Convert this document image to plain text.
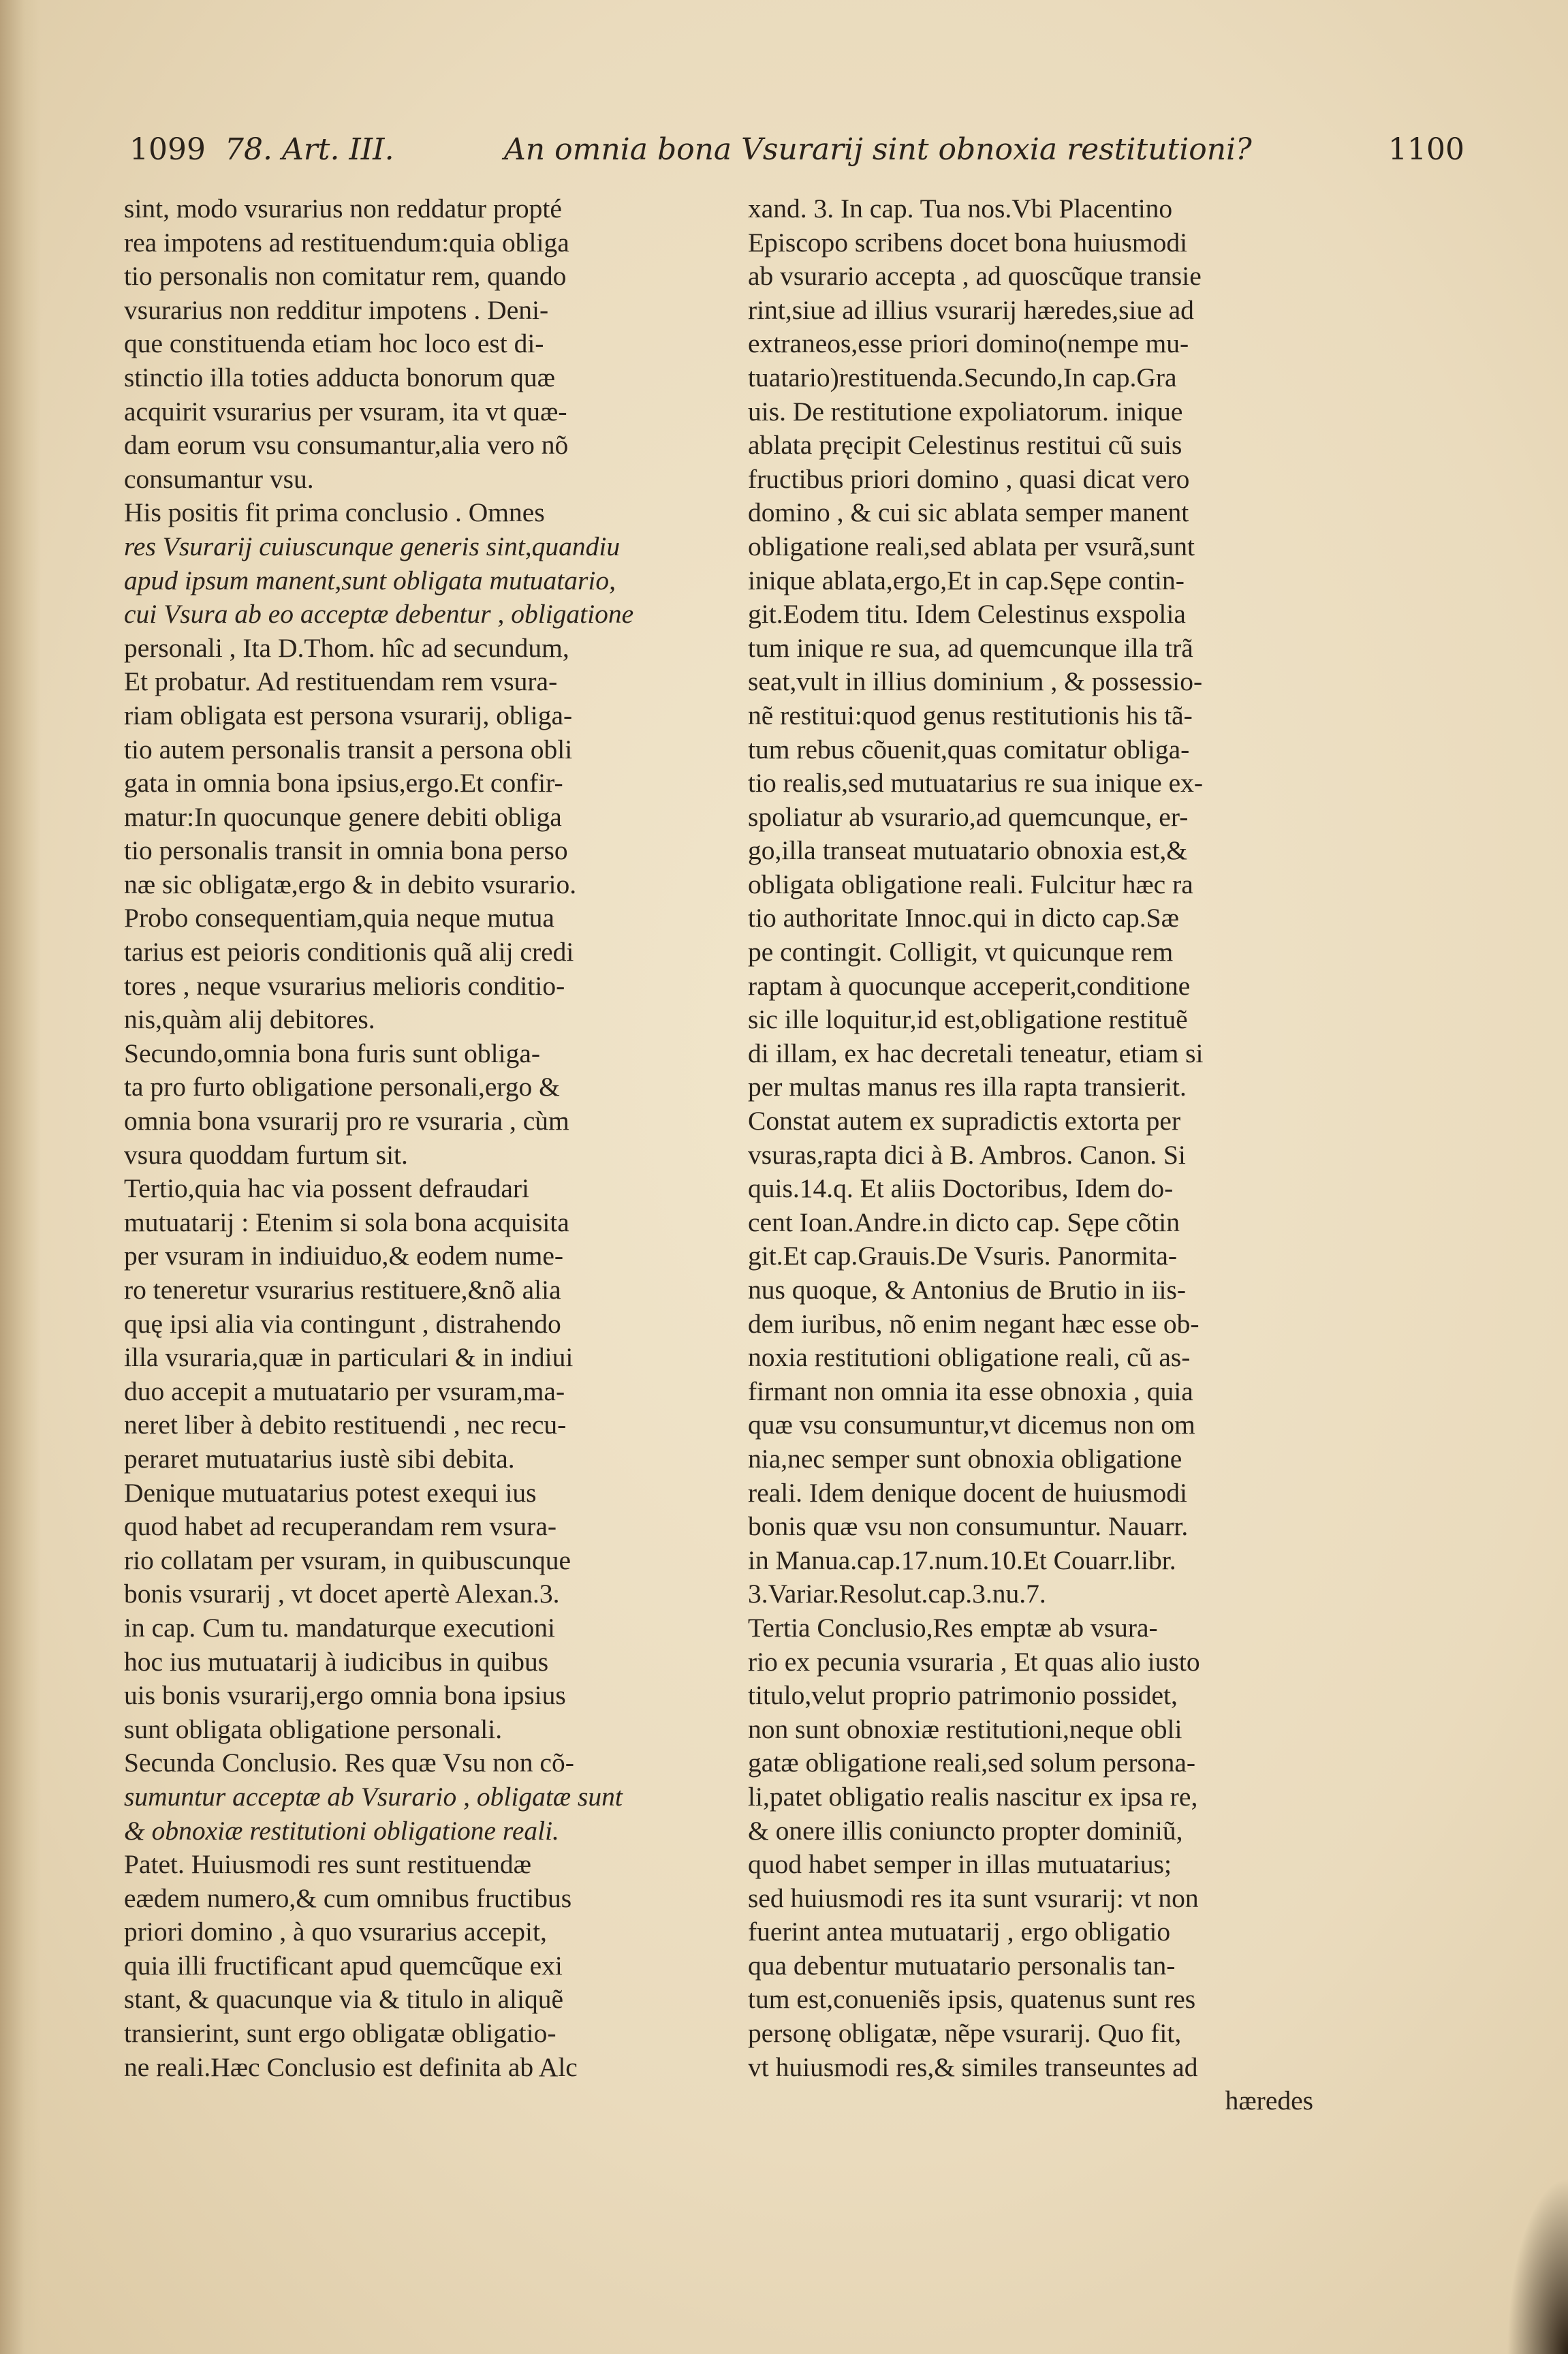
1099 78. Art. III.	An omnia bona Vsurarij sint obnoxia restitutioni?	1100
sint, modo vsurarius non reddatur propté
rea impotens ad restituendum:quia obliga
tio personalis non comitatur rem, quando
vsurarius non redditur impotens . Deni-
que constituenda etiam hoc loco est di-
stinctio illa toties adducta bonorum quæ
acquirit vsurarius per vsuram, ita vt quæ-
dam eorum vsu consumantur,alia vero nõ
consumantur vsu.
His positis fit prima conclusio . Omnes
res Vsurarij cuiuscunque generis sint,quandiu
apud ipsum manent,sunt obligata mutuatario,
cui Vsura ab eo acceptæ debentur , obligatione
personali , Ita D.Thom. hîc ad secundum,
Et probatur. Ad restituendam rem vsura-
riam obligata est persona vsurarij, obliga-
tio autem personalis transit a persona obli
gata in omnia bona ipsius,ergo.Et confir-
matur:In quocunque genere debiti obliga
tio personalis transit in omnia bona perso
næ sic obligatæ,ergo & in debito vsurario.
Probo consequentiam,quia neque mutua
tarius est peioris conditionis quã alij credi
tores , neque vsurarius melioris conditio-
nis,quàm alij debitores.
Secundo,omnia bona furis sunt obliga-
ta pro furto obligatione personali,ergo &
omnia bona vsurarij pro re vsuraria , cùm
vsura quoddam furtum sit.
Tertio,quia hac via possent defraudari
mutuatarij : Etenim si sola bona acquisita
per vsuram in indiuiduo,& eodem nume-
ro teneretur vsurarius restituere,&nõ alia
quę ipsi alia via contingunt , distrahendo
illa vsuraria,quæ in particulari & in indiui
duo accepit a mutuatario per vsuram,ma-
neret liber à debito restituendi , nec recu-
peraret mutuatarius iustè sibi debita.
Denique mutuatarius potest exequi ius
quod habet ad recuperandam rem vsura-
rio collatam per vsuram, in quibuscunque
bonis vsurarij , vt docet apertè Alexan.3.
in cap. Cum tu. mandaturque executioni
hoc ius mutuatarij à iudicibus in quibus
uis bonis vsurarij,ergo omnia bona ipsius
sunt obligata obligatione personali.
Secunda Conclusio. Res quæ Vsu non cõ-
sumuntur acceptæ ab Vsurario , obligatæ sunt
& obnoxiæ restitutioni obligatione reali.
Patet. Huiusmodi res sunt restituendæ
eædem numero,& cum omnibus fructibus
priori domino , à quo vsurarius accepit,
quia illi fructificant apud quemcũque exi
stant, & quacunque via & titulo in aliquẽ
transierint, sunt ergo obligatæ obligatio-
ne reali.Hæc Conclusio est definita ab Alc
xand. 3. In cap. Tua nos.Vbi Placentino
Episcopo scribens docet bona huiusmodi
ab vsurario accepta , ad quoscũque transie
rint,siue ad illius vsurarij hæredes,siue ad
extraneos,esse priori domino(nempe mu-
tuatario)restituenda.Secundo,In cap.Gra
uis. De restitutione expoliatorum. inique
ablata pręcipit Celestinus restitui cũ suis
fructibus priori domino , quasi dicat vero
domino , & cui sic ablata semper manent
obligatione reali,sed ablata per vsurã,sunt
inique ablata,ergo,Et in cap.Sępe contin-
git.Eodem titu. Idem Celestinus exspolia
tum inique re sua, ad quemcunque illa trã
seat,vult in illius dominium , & possessio-
nẽ restitui:quod genus restitutionis his tã-
tum rebus cõuenit,quas comitatur obliga-
tio realis,sed mutuatarius re sua inique ex-
spoliatur ab vsurario,ad quemcunque, er-
go,illa transeat mutuatario obnoxia est,&
obligata obligatione reali. Fulcitur hæc ra
tio authoritate Innoc.qui in dicto cap.Sæ
pe contingit. Colligit, vt quicunque rem
raptam à quocunque acceperit,conditione
sic ille loquitur,id est,obligatione restituẽ
di illam, ex hac decretali teneatur, etiam si
per multas manus res illa rapta transierit.
Constat autem ex supradictis extorta per
vsuras,rapta dici à B. Ambros. Canon. Si
quis.14.q. Et aliis Doctoribus, Idem do-
cent Ioan.Andre.in dicto cap. Sępe cõtin
git.Et cap.Grauis.De Vsuris. Panormita-
nus quoque, & Antonius de Brutio in iis-
dem iuribus, nõ enim negant hæc esse ob-
noxia restitutioni obligatione reali, cũ as-
firmant non omnia ita esse obnoxia , quia
quæ vsu consumuntur,vt dicemus non om
nia,nec semper sunt obnoxia obligatione
reali. Idem denique docent de huiusmodi
bonis quæ vsu non consumuntur. Nauarr.
in Manua.cap.17.num.10.Et Couarr.libr.
3.Variar.Resolut.cap.3.nu.7.
Tertia Conclusio,Res emptæ ab vsura-
rio ex pecunia vsuraria , Et quas alio iusto
titulo,velut proprio patrimonio possidet,
non sunt obnoxiæ restitutioni,neque obli
gatæ obligatione reali,sed solum persona-
li,patet obligatio realis nascitur ex ipsa re,
& onere illis coniuncto propter dominiũ,
quod habet semper in illas mutuatarius;
sed huiusmodi res ita sunt vsurarij: vt non
fuerint antea mutuatarij , ergo obligatio
qua debentur mutuatario personalis tan-
tum est,conueniẽs ipsis, quatenus sunt res
personę obligatæ, nẽpe vsurarij. Quo fit,
vt huiusmodi res,& similes transeuntes ad
hæredes
